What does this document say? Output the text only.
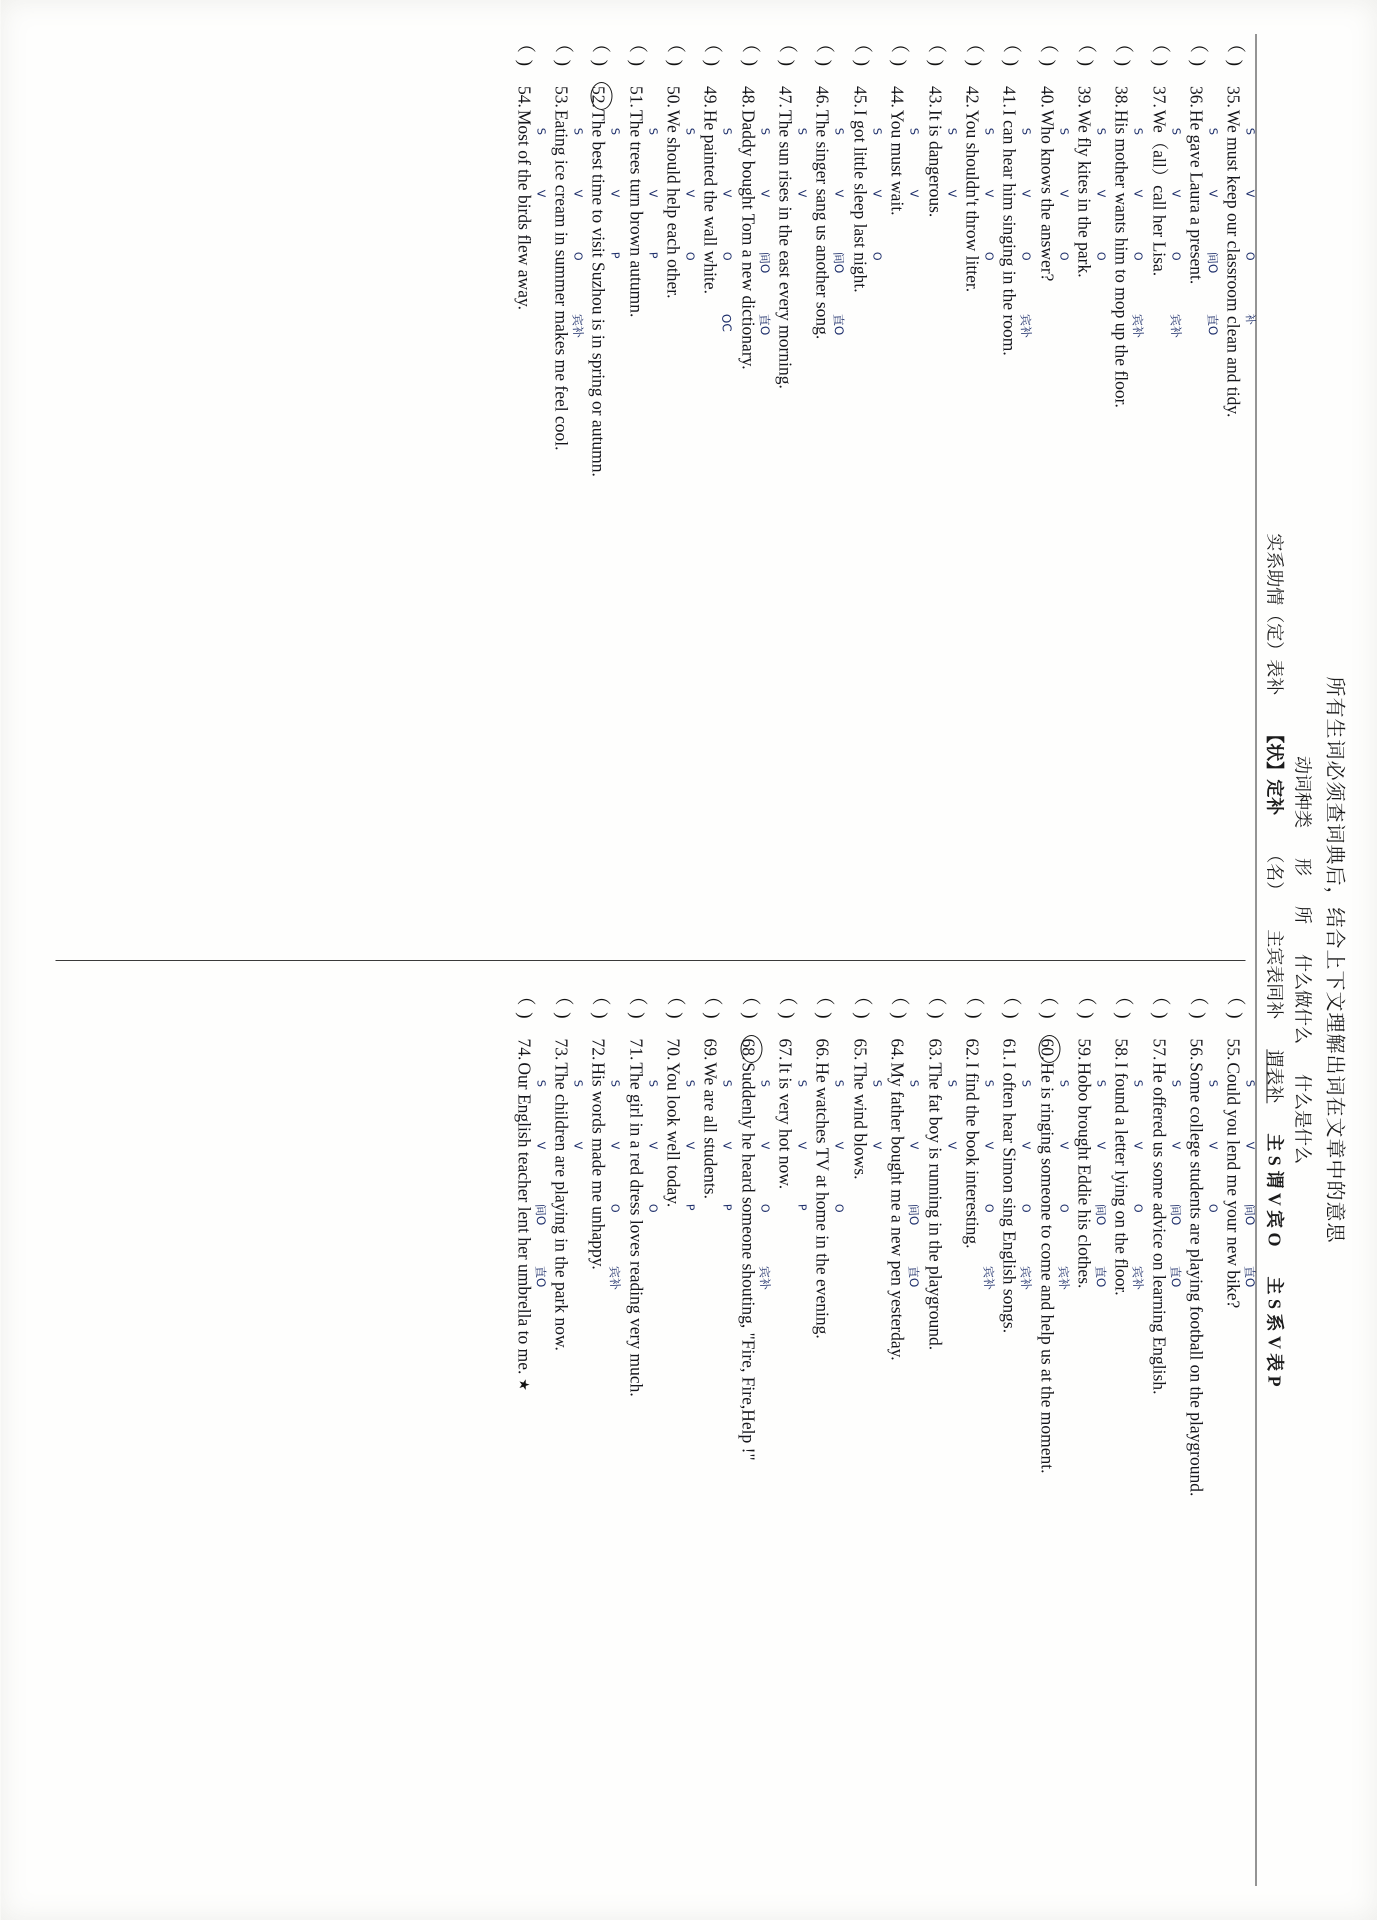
所有生词必须查词典后，结合上下文理解出词在文章中的意思
动词种类
形
所
什么做什么
什么是什么
实系助情（定）表补
【状】定补
（名）
主宾表同补
谓表补
主 S 谓 V 宾 O
主 S 系 V 表 P
（ )
35.
We must keep our classroom clean and tidy. S
V
O
补
（ )
36.
He gave Laura a present. S
V
间O
直O
（ )
37.
We（all）call her Lisa. S
V
O
宾补
（ )
38.
His mother wants him to mop up the floor. S
V
O
宾补
（ )
39.
We fly kites in the park. S
V
O
（ )
40.
Who knows the answer? S
V
O
（ )
41.
I can hear him singing in the room. S
V
O
宾补
（ )
42.
You shouldn't throw litter. S
V
O
（ )
43.
It is dangerous. S
V
（ )
44.
You must wait. S
V
（ )
45.
I got little sleep last night. S
V
O
（ )
46.
The singer sang us another song. S
V
间O
直O
（ )
47.
The sun rises in the east every morning. S
V
（ )
48.
Daddy bought Tom a new dictionary. S
V
间O
直O
（ )
49.
He painted the wall white. S
V
O
OC
（ )
50.
We should help each other. S
V
O
（ )
51.
The trees turn brown autumn. S
V
P
（ )
52.
The best time to visit Suzhou is in spring or autumn. S
V
P
（ )
53.
Eating ice cream in summer makes me feel cool. S
V
O
宾补
（ )
54.
Most of the birds flew away. S
V
（ )
55.
Could you lend me your new bike? S
V
间O
直O
（ )
56.
Some college students are playing football on the playground. S
V
O
（ )
57.
He offered us some advice on learning English. S
V
间O
直O
（ )
58.
I found a letter lying on the floor. S
V
O
宾补
（ )
59.
Hobo brought Eddie his clothes. S
V
间O
直O
（ )
60.
He is ringing someone to come and help us at the moment. S
V
O
宾补
（ )
61.
I often hear Simon sing English songs. S
V
O
宾补
（ )
62.
I find the book interesting. S
V
O
宾补
（ )
63.
The fat boy is running in the playground. S
V
（ )
64.
My father bought me a new pen yesterday. S
V
间O
直O
（ )
65.
The wind blows. S
V
（ )
66.
He watches TV at home in the evening. S
V
O
（ )
67.
It is very hot now. S
V
P
（ )
68.
Suddenly he heard someone shouting, "Fire, Fire,Help !" S
V
O
宾补
（ )
69.
We are all students. S
V
P
（ )
70.
You look well today. S
V
P
（ )
71.
The girl in a red dress loves reading very much. S
V
O
（ )
72.
His words made me unhappy. S
V
O
宾补
（ )
73.
The children are playing in the park now. S
V
（ )
74.
Our English teacher lent her umbrella to me. S
V
间O
直O
★
